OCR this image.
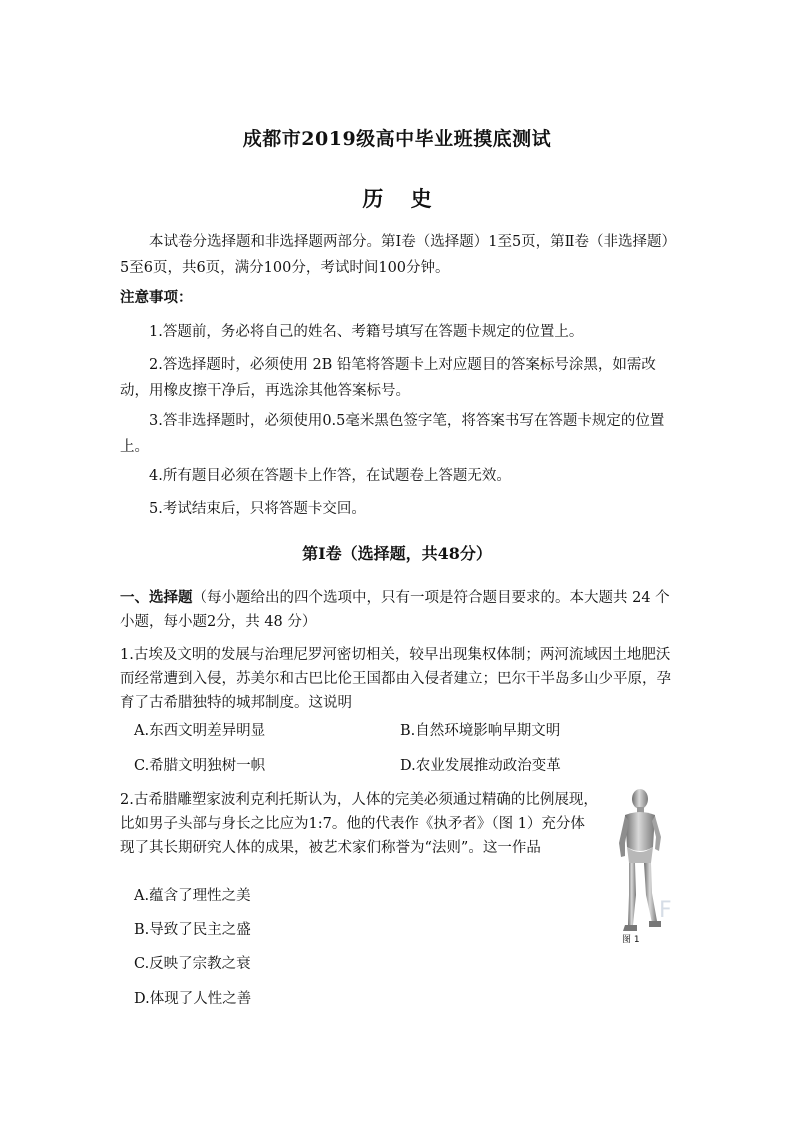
成都市2019级高中毕业班摸底测试
历 史
本试卷分选择题和非选择题两部分。第Ⅰ卷（选择题）1至5页，第Ⅱ卷（非选择题）5至6页，共6页，满分100分，考试时间100分钟。
注意事项：
1.答题前，务必将自己的姓名、考籍号填写在答题卡规定的位置上。
2.答选择题时，必须使用 2B 铅笔将答题卡上对应题目的答案标号涂黑，如需改动，用橡皮擦干净后，再选涂其他答案标号。
3.答非选择题时，必须使用0.5毫米黑色签字笔，将答案书写在答题卡规定的位置上。
4.所有题目必须在答题卡上作答，在试题卷上答题无效。
5.考试结束后，只将答题卡交回。
第Ⅰ卷（选择题，共48分）
一、选择题（每小题给出的四个选项中，只有一项是符合题目要求的。本大题共 24 个小题，每小题2分，共 48 分）
1.古埃及文明的发展与治理尼罗河密切相关，较早出现集权体制；两河流域因土地肥沃而经常遭到入侵，苏美尔和古巴比伦王国都由入侵者建立；巴尔干半岛多山少平原，孕育了古希腊独特的城邦制度。这说明
A.东西文明差异明显	B.自然环境影响早期文明
C.希腊文明独树一帜	D.农业发展推动政治变革
2.古希腊雕塑家波利克利托斯认为，人体的完美必须通过精确的比例展现，比如男子头部与身长之比应为1:7。他的代表作《执矛者》（图 1）充分体现了其长期研究人体的成果，被艺术家们称誉为“法则”。这一作品
A.蕴含了理性之美
B.导致了民主之盛
C.反映了宗教之衰
D.体现了人性之善
F
图 1
